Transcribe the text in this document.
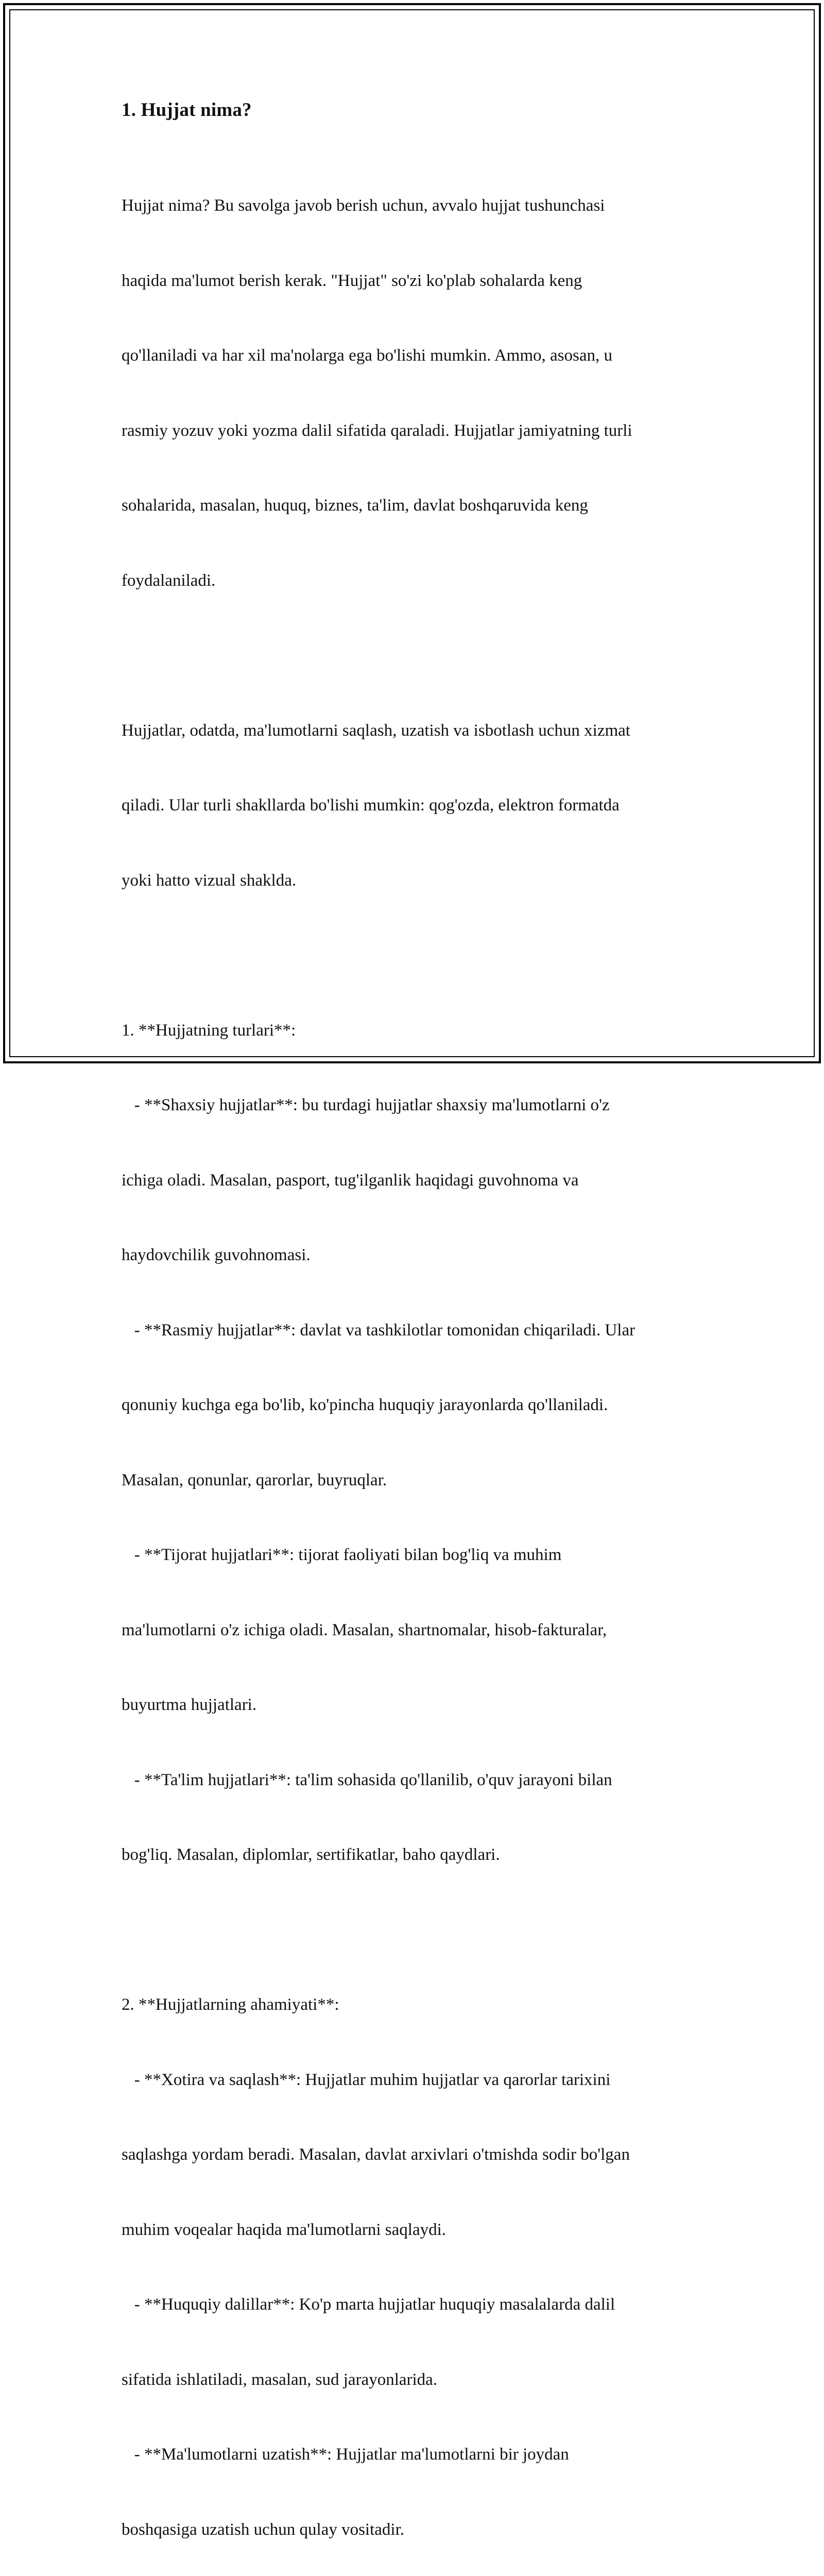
1. Hujjat nima?

Hujjat nima? Bu savolga javob berish uchun, avvalo hujjat tushunchasi

haqida ma'lumot berish kerak. "Hujjat" so'zi ko'plab sohalarda keng

qo'llaniladi va har xil ma'nolarga ega bo'lishi mumkin. Ammo, asosan, u

rasmiy yozuv yoki yozma dalil sifatida qaraladi. Hujjatlar jamiyatning turli

sohalarida, masalan, huquq, biznes, ta'lim, davlat boshqaruvida keng

foydalaniladi.

Hujjatlar, odatda, ma'lumotlarni saqlash, uzatish va isbotlash uchun xizmat

qiladi. Ular turli shakllarda bo'lishi mumkin: qog'ozda, elektron formatda

yoki hatto vizual shaklda.

1. **Hujjatning turlari**:

- **Shaxsiy hujjatlar**: bu turdagi hujjatlar shaxsiy ma'lumotlarni o'z

ichiga oladi. Masalan, pasport, tug'ilganlik haqidagi guvohnoma va

haydovchilik guvohnomasi.

- **Rasmiy hujjatlar**: davlat va tashkilotlar tomonidan chiqariladi. Ular

qonuniy kuchga ega bo'lib, ko'pincha huquqiy jarayonlarda qo'llaniladi.

Masalan, qonunlar, qarorlar, buyruqlar.

- **Tijorat hujjatlari**: tijorat faoliyati bilan bog'liq va muhim

ma'lumotlarni o'z ichiga oladi. Masalan, shartnomalar, hisob-fakturalar,

buyurtma hujjatlari.

- **Ta'lim hujjatlari**: ta'lim sohasida qo'llanilib, o'quv jarayoni bilan

bog'liq. Masalan, diplomlar, sertifikatlar, baho qaydlari.

2. **Hujjatlarning ahamiyati**:

- **Xotira va saqlash**: Hujjatlar muhim hujjatlar va qarorlar tarixini

saqlashga yordam beradi. Masalan, davlat arxivlari o'tmishda sodir bo'lgan

muhim voqealar haqida ma'lumotlarni saqlaydi.

- **Huquqiy dalillar**: Ko'p marta hujjatlar huquqiy masalalarda dalil

sifatida ishlatiladi, masalan, sud jarayonlarida.

- **Ma'lumotlarni uzatish**: Hujjatlar ma'lumotlarni bir joydan

boshqasiga uzatish uchun qulay vositadir.
